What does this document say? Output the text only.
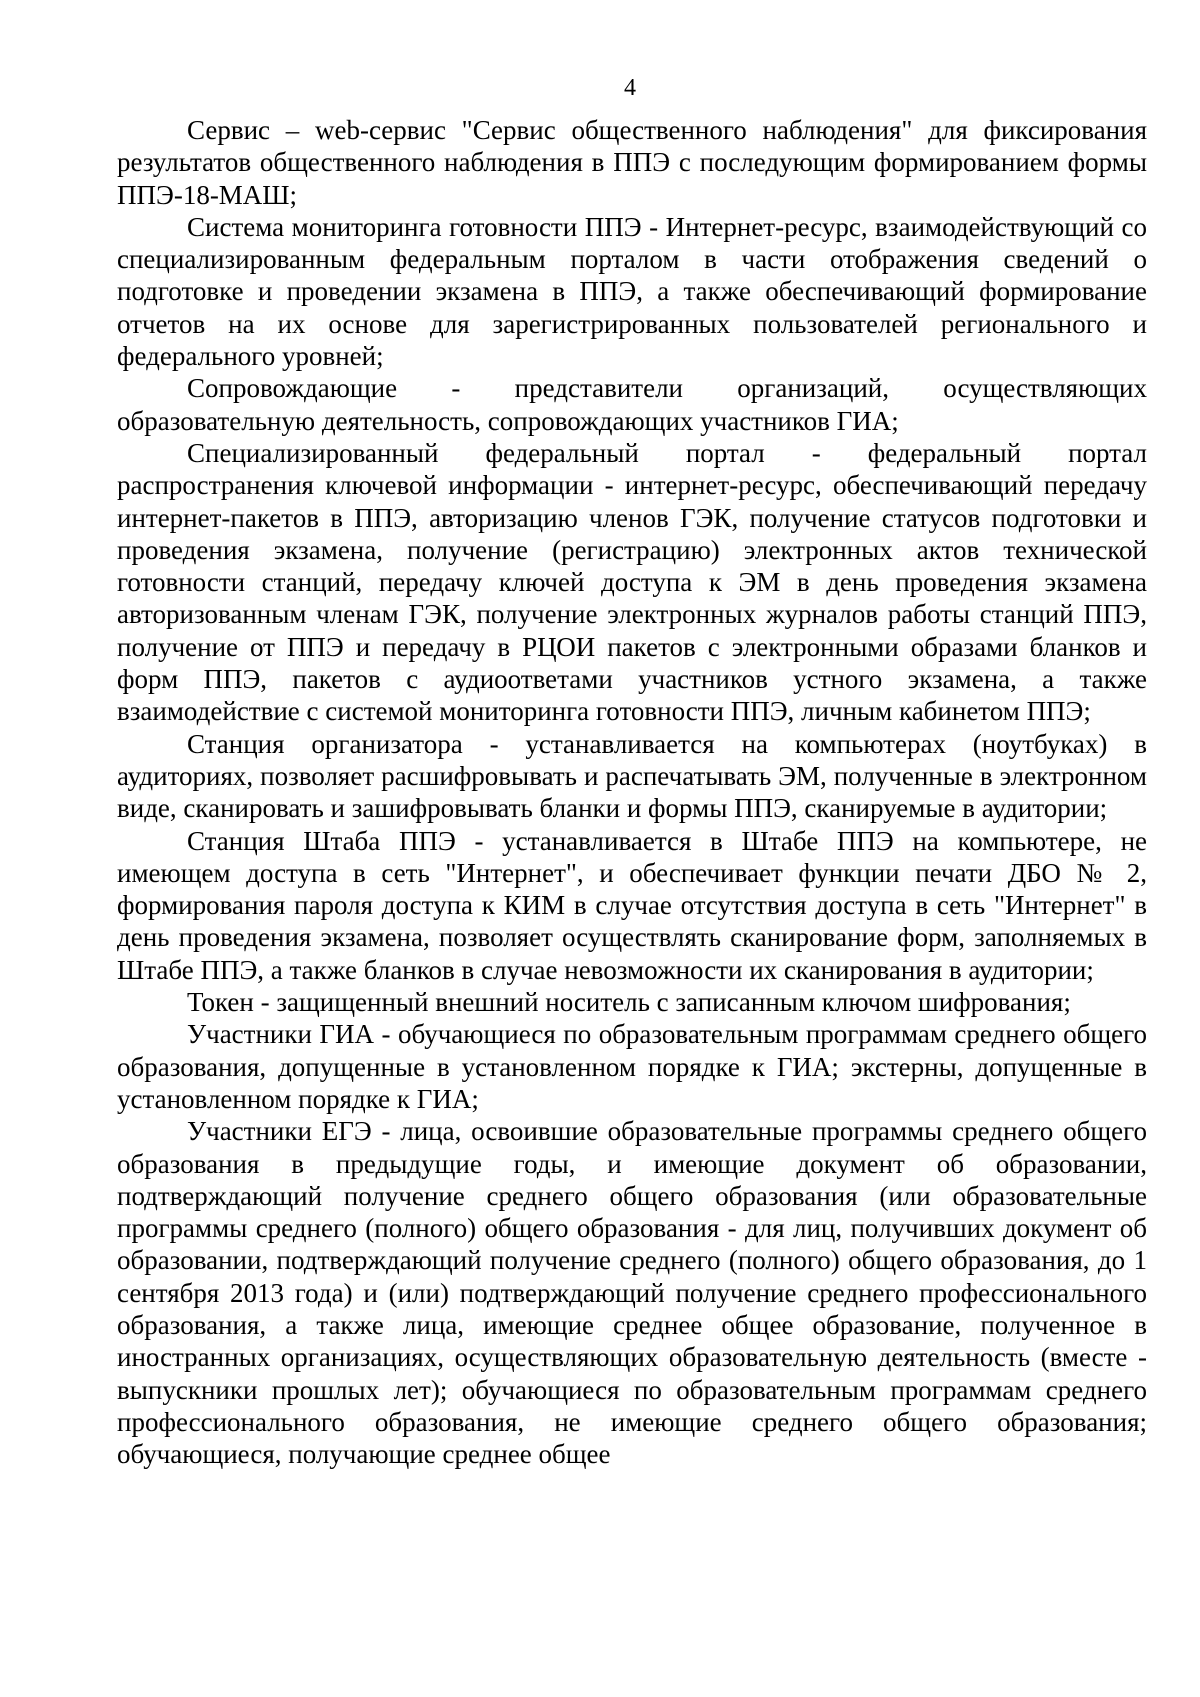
4

Сервис – web-сервис "Сервис общественного наблюдения" для фиксирования результатов общественного наблюдения в ППЭ с последующим формированием формы ППЭ-18-МАШ;

Система мониторинга готовности ППЭ - Интернет-ресурс, взаимодействующий со специализированным федеральным порталом в части отображения сведений о подготовке и проведении экзамена в ППЭ, а также обеспечивающий формирование отчетов на их основе для зарегистрированных пользователей регионального и федерального уровней;

Сопровождающие - представители организаций, осуществляющих образовательную деятельность, сопровождающих участников ГИА;

Специализированный федеральный портал - федеральный портал распространения ключевой информации - интернет-ресурс, обеспечивающий передачу интернет-пакетов в ППЭ, авторизацию членов ГЭК, получение статусов подготовки и проведения экзамена, получение (регистрацию) электронных актов технической готовности станций, передачу ключей доступа к ЭМ в день проведения экзамена авторизованным членам ГЭК, получение электронных журналов работы станций ППЭ, получение от ППЭ и передачу в РЦОИ пакетов с электронными образами бланков и форм ППЭ, пакетов с аудиоответами участников устного экзамена, а также взаимодействие с системой мониторинга готовности ППЭ, личным кабинетом ППЭ;

Станция организатора - устанавливается на компьютерах (ноутбуках) в аудиториях, позволяет расшифровывать и распечатывать ЭМ, полученные в электронном виде, сканировать и зашифровывать бланки и формы ППЭ, сканируемые в аудитории;

Станция Штаба ППЭ - устанавливается в Штабе ППЭ на компьютере, не имеющем доступа в сеть "Интернет", и обеспечивает функции печати ДБО № 2, формирования пароля доступа к КИМ в случае отсутствия доступа в сеть "Интернет" в день проведения экзамена, позволяет осуществлять сканирование форм, заполняемых в Штабе ППЭ, а также бланков в случае невозможности их сканирования в аудитории;

Токен - защищенный внешний носитель с записанным ключом шифрования;

Участники ГИА - обучающиеся по образовательным программам среднего общего образования, допущенные в установленном порядке к ГИА; экстерны, допущенные в установленном порядке к ГИА;

Участники ЕГЭ - лица, освоившие образовательные программы среднего общего образования в предыдущие годы, и имеющие документ об образовании, подтверждающий получение среднего общего образования (или образовательные программы среднего (полного) общего образования - для лиц, получивших документ об образовании, подтверждающий получение среднего (полного) общего образования, до 1 сентября 2013 года) и (или) подтверждающий получение среднего профессионального образования, а также лица, имеющие среднее общее образование, полученное в иностранных организациях, осуществляющих образовательную деятельность (вместе - выпускники прошлых лет); обучающиеся по образовательным программам среднего профессионального образования, не имеющие среднего общего образования; обучающиеся, получающие среднее общее
